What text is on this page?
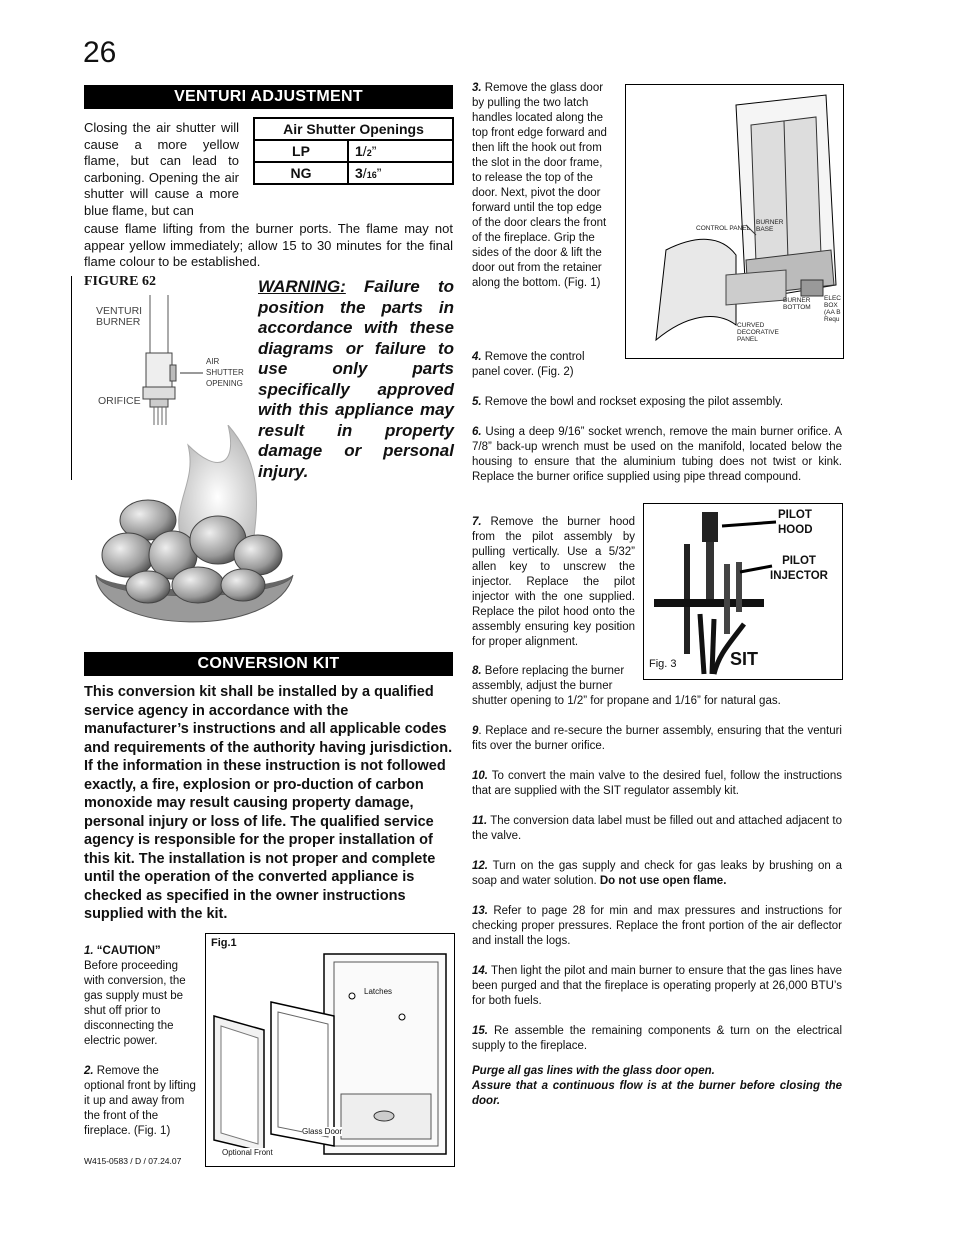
26
VENTURI ADJUSTMENT
Closing the air shutter will cause a more yellow flame, but can lead to carboning. Opening the air shutter will cause a more blue flame, but can
Air Shutter Openings	
LP	1/2”
NG	3/16”
cause flame lifting from the burner ports. The flame may not appear yellow immediately; allow 15 to 30 minutes for the final flame colour to be established.
FIGURE 62
VENTURI BURNER
ORIFICE
AIR SHUTTER OPENING
WARNING: Failure to position the parts in accordance with these diagrams or failure to use only parts specifically approved with this appliance may result in property damage or personal injury.
CONVERSION KIT
This conversion kit shall be installed by a qualified service agency in accordance with the manufacturer’s instructions and all applicable codes and requirements of the authority having jurisdiction. If the information in these instruction is not followed exactly, a fire, explosion or pro-duction of carbon monoxide may result causing property damage, personal injury or loss of life. The qualified service agency is responsible for the proper installation of this kit. The installation is not proper and complete until the operation of the converted appliance is checked as specified in the owner instructions supplied with the kit.
1. “CAUTION”
Before proceeding with conversion, the gas supply must be shut off prior to disconnecting the electric power.
2. Remove the optional front by lifting it up and away from the front of the fireplace. (Fig. 1)
Fig.1
Latches
Glass Door
Optional Front
W415-0583 / D / 07.24.07
3. Remove the glass door by pulling the two latch handles located along the top front edge forward and then lift the hook out from the slot in the door frame, to release the top of the door. Next, pivot the door forward until the top edge of the door clears the front of the fireplace. Grip the sides of the door & lift the door out from the retainer along the bottom. (Fig. 1)
4. Remove the control panel cover. (Fig. 2)
CONTROL PANEL
BURNER BASE
BURNER BOTTOM
CURVED DECORATIVE PANEL
ELEC BOX (AA B Requ
5. Remove the bowl and rockset exposing the pilot assembly.
6. Using a deep 9/16” socket wrench, remove the main burner orifice. A 7/8” back-up wrench must be used on the manifold, located below the housing to ensure that the aluminium tubing does not twist or kink. Replace the burner orifice supplied using pipe thread compound.
7. Remove the burner hood from the pilot assembly by pulling vertically. Use a 5/32” allen key to unscrew the injector. Replace the pilot injector with the one supplied. Replace the pilot hood onto the assembly ensuring key position for proper alignment.
PILOT HOOD
PILOT INJECTOR
SIT
Fig. 3
8. Before replacing the burner assembly, adjust the burner
shutter opening to 1/2” for propane and 1/16” for natural gas.
9. Replace and re-secure the burner assembly, ensuring that the venturi fits over the burner orifice.
10. To convert the main valve to the desired fuel, follow the instructions that are supplied with the SIT regulator assembly kit.
11. The conversion data label must be filled out and attached adjacent to the valve.
12. Turn on the gas supply and check for gas leaks by brushing on a soap and water solution. Do not use open flame.
13. Refer to page 28 for min and max pressures and instructions for checking proper pressures. Replace the front portion of the air deflector and install the logs.
14. Then light the pilot and main burner to ensure that the gas lines have been purged and that the fireplace is operating properly at 26,000 BTU’s for both fuels.
15. Re assemble the remaining components & turn on the electrical supply to the fireplace.
Purge all gas lines with the glass door open.
Assure that a continuous flow is at the burner before closing the door.
